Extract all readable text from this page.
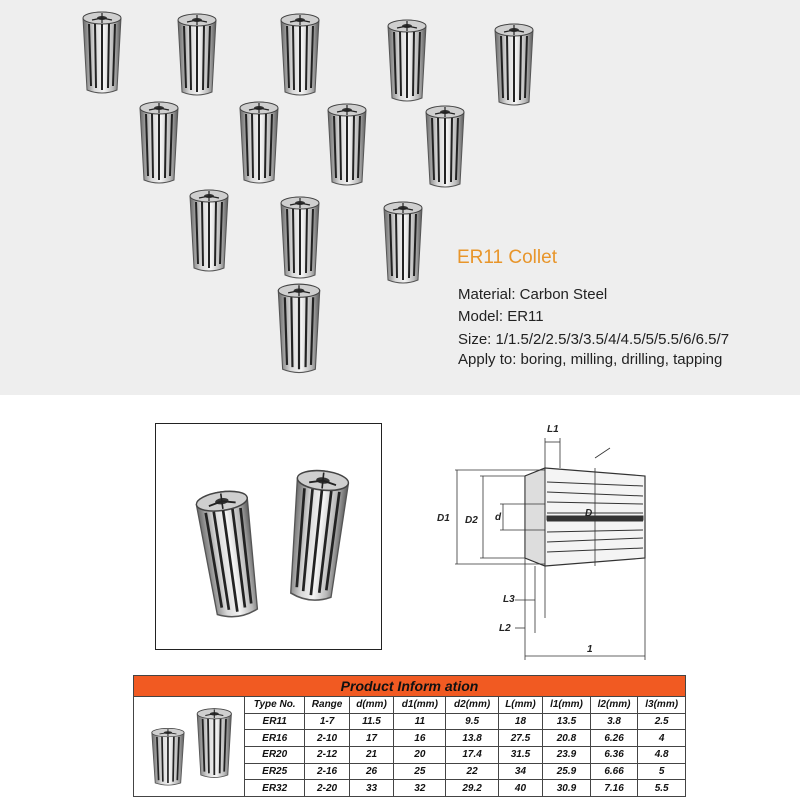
ER11 Collet
Material: Carbon Steel
Model: ER11
Size: 1/1.5/2/2.5/3/3.5/4/4.5/5/5.5/6/6.5/7
Apply to: boring, milling, drilling, tapping
L1
D1 D2 d	D
L3
L2
1
Product Inform ation									
	Type No.	Range	d(mm)	d1(mm)	d2(mm)	L(mm)	l1(mm)	l2(mm)	l3(mm)
	ER11	1-7	11.5	11	9.5	18	13.5	3.8	2.5
	ER16	2-10	17	16	13.8	27.5	20.8	6.26	4
	ER20	2-12	21	20	17.4	31.5	23.9	6.36	4.8
	ER25	2-16	26	25	22	34	25.9	6.66	5
	ER32	2-20	33	32	29.2	40	30.9	7.16	5.5
